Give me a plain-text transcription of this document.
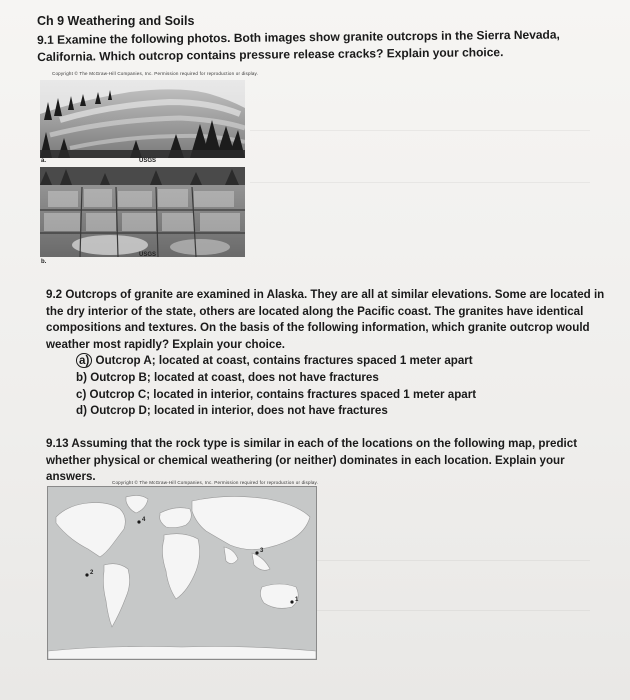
Ch 9 Weathering and Soils
9.1 Examine the following photos. Both images show granite outcrops in the Sierra Nevada, California. Which outcrop contains pressure release cracks? Explain your choice.
Copyright © The McGraw-Hill Companies, Inc. Permission required for reproduction or display.
a.	USGS
USGS
b.
9.2 Outcrops of granite are examined in Alaska. They are all at similar elevations. Some are located in the dry interior of the state, others are located along the Pacific coast. The granites have identical compositions and textures. On the basis of the following information, which granite outcrop would weather most rapidly? Explain your choice.
a) Outcrop A; located at coast, contains fractures spaced 1 meter apart
b) Outcrop B; located at coast, does not have fractures
c) Outcrop C; located in interior, contains fractures spaced 1 meter apart
d) Outcrop D; located in interior, does not have fractures
9.13 Assuming that the rock type is similar in each of the locations on the following map, predict whether physical or chemical weathering (or neither) dominates in each location. Explain your answers.	Copyright © The McGraw-Hill Companies, Inc. Permission required for reproduction or display.
4
3
2
1
